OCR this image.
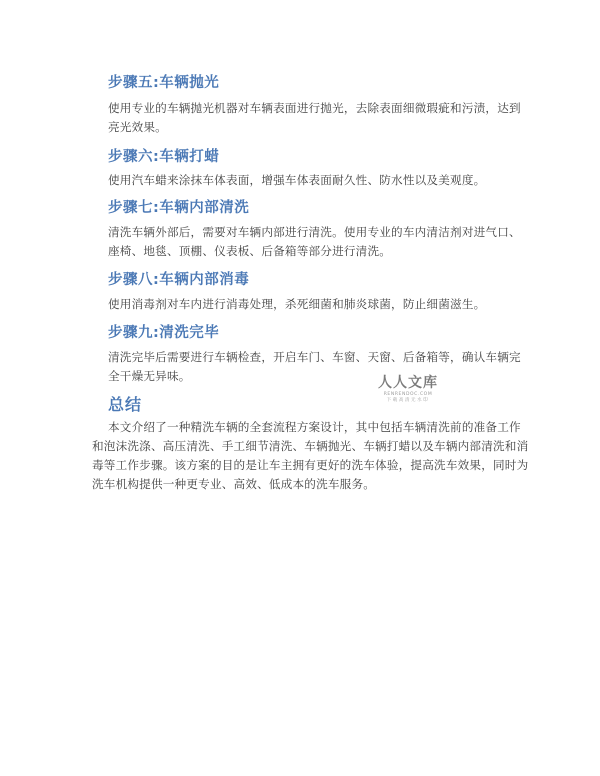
步骤五:车辆抛光
使用专业的车辆抛光机器对车辆表面进行抛光，去除表面细微瑕疵和污渍，达到亮光效果。
步骤六:车辆打蜡
使用汽车蜡来涂抹车体表面，增强车体表面耐久性、防水性以及美观度。
步骤七:车辆内部清洗
清洗车辆外部后，需要对车辆内部进行清洗。使用专业的车内清洁剂对进气口、座椅、地毯、顶棚、仪表板、后备箱等部分进行清洗。
步骤八:车辆内部消毒
使用消毒剂对车内进行消毒处理，杀死细菌和肺炎球菌，防止细菌滋生。
步骤九:清洗完毕
清洗完毕后需要进行车辆检查，开启车门、车窗、天窗、后备箱等，确认车辆完全干燥无异味。	人人文库
RENRENDOC.COM
下载高清无水印
总结
本文介绍了一种精洗车辆的全套流程方案设计，其中包括车辆清洗前的准备工作和泡沫洗涤、高压清洗、手工细节清洗、车辆抛光、车辆打蜡以及车辆内部清洗和消毒等工作步骤。该方案的目的是让车主拥有更好的洗车体验，提高洗车效果，同时为洗车机构提供一种更专业、高效、低成本的洗车服务。
